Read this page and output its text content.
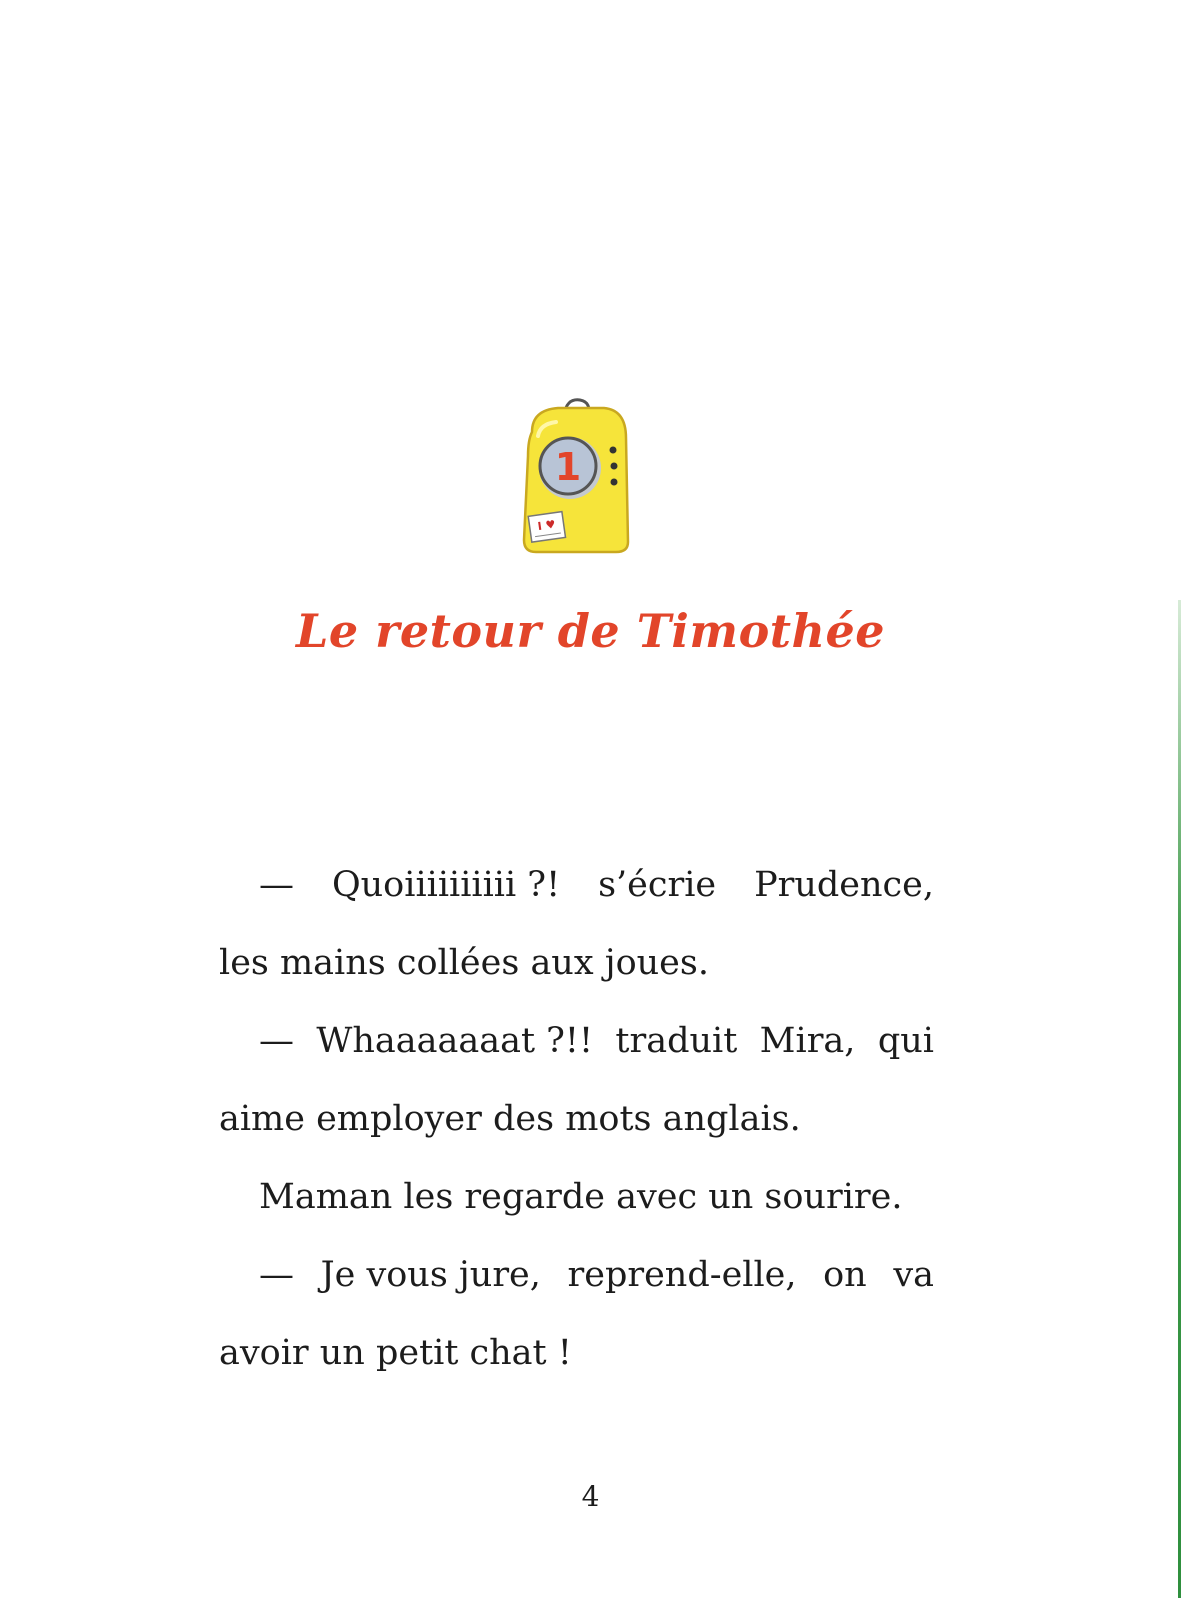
1
I ♥
Le retour de Timothée
— Quoiiiiiiiiii ?! s’écrie Prudence,
les mains collées aux joues.
— Whaaaaaaat ?!! traduit Mira, qui
aime employer des mots anglais.
Maman les regarde avec un sourire.
— Je vous jure, reprend-elle, on va
avoir un petit chat !
4
